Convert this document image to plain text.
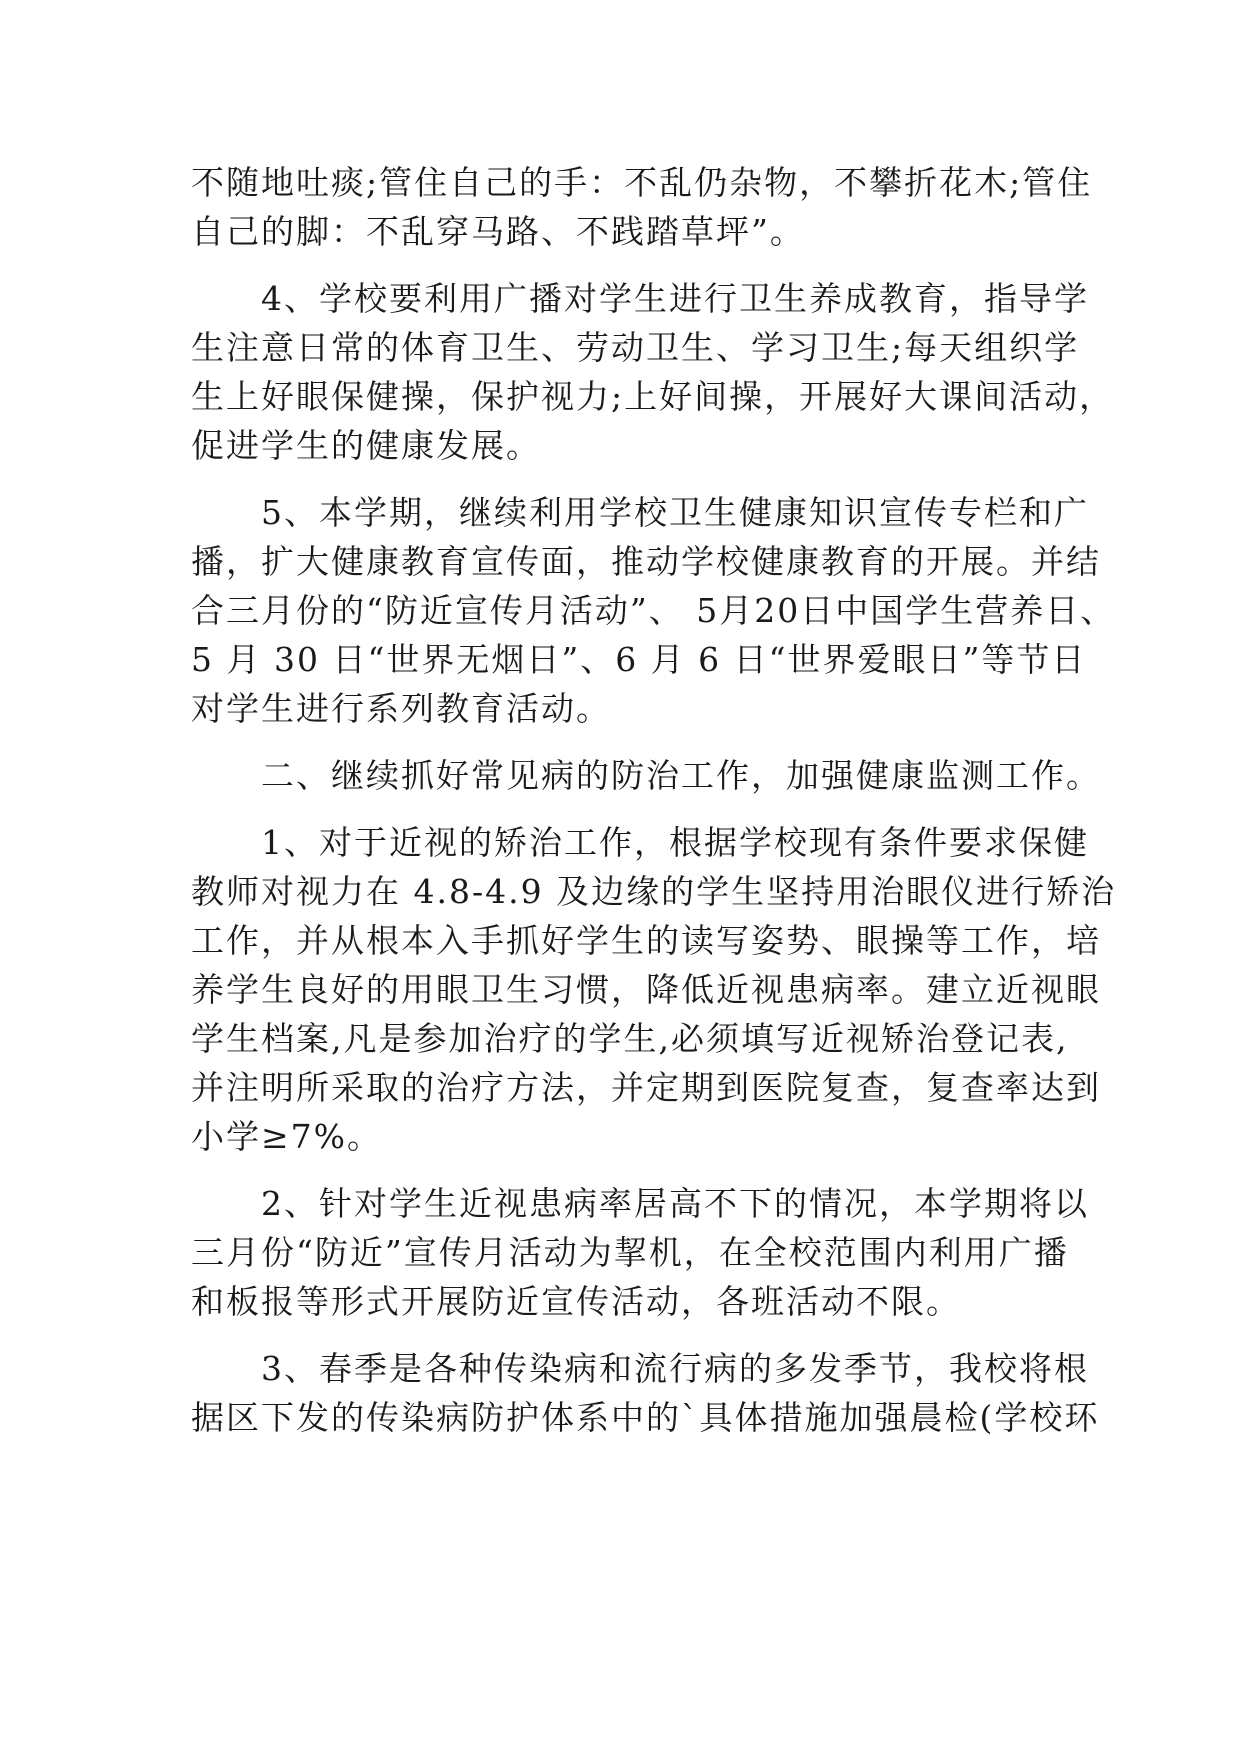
不随地吐痰;管住自己的手：不乱仍杂物，不攀折花木;管住
自己的脚：不乱穿马路、不践踏草坪”。
　　4、学校要利用广播对学生进行卫生养成教育，指导学
生注意日常的体育卫生、劳动卫生、学习卫生;每天组织学
生上好眼保健操，保护视力;上好间操，开展好大课间活动，
促进学生的健康发展。
　　5、本学期，继续利用学校卫生健康知识宣传专栏和广
播，扩大健康教育宣传面，推动学校健康教育的开展。并结
合三月份的“防近宣传月活动”、 5月20日中国学生营养日、
5 月 30 日“世界无烟日”、6 月 6 日“世界爱眼日”等节日
对学生进行系列教育活动。
　　二、继续抓好常见病的防治工作，加强健康监测工作。
　　1、对于近视的矫治工作，根据学校现有条件要求保健
教师对视力在 4.8-4.9 及边缘的学生坚持用治眼仪进行矫治
工作，并从根本入手抓好学生的读写姿势、眼操等工作，培
养学生良好的用眼卫生习惯，降低近视患病率。建立近视眼
学生档案,凡是参加治疗的学生,必须填写近视矫治登记表,
并注明所采取的治疗方法，并定期到医院复查，复查率达到
小学≥7%。
　　2、针对学生近视患病率居高不下的情况，本学期将以
三月份“防近”宣传月活动为挈机，在全校范围内利用广播
和板报等形式开展防近宣传活动，各班活动不限。
　　3、春季是各种传染病和流行病的多发季节，我校将根
据区下发的传染病防护体系中的`具体措施加强晨检(学校环
